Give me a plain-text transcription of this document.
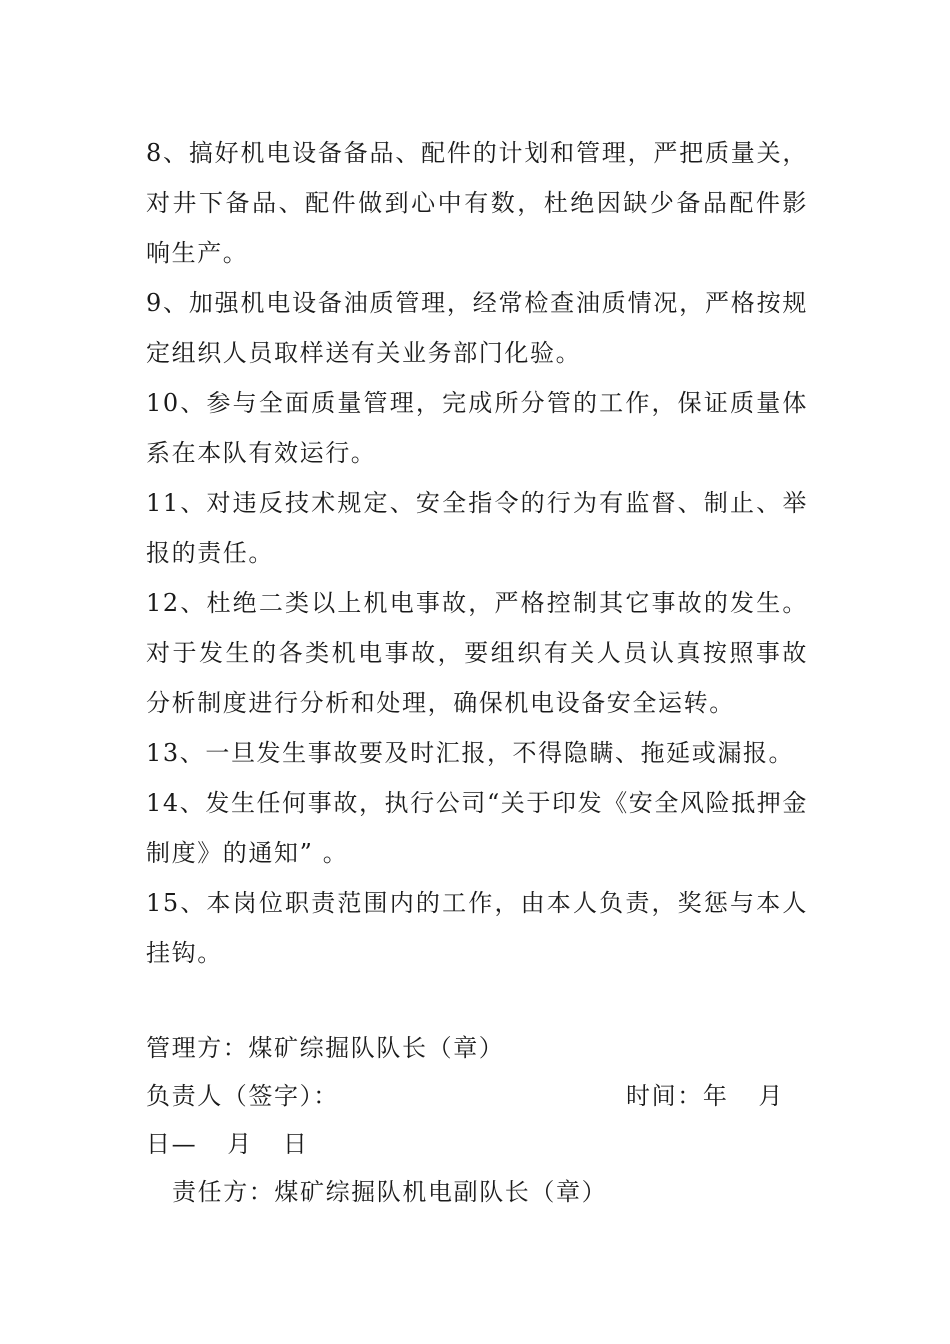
8、搞好机电设备备品、配件的计划和管理，严把质量关，对井下备品、配件做到心中有数，杜绝因缺少备品配件影响生产。

9、加强机电设备油质管理，经常检查油质情况，严格按规定组织人员取样送有关业务部门化验。

10、参与全面质量管理，完成所分管的工作，保证质量体系在本队有效运行。

11、对违反技术规定、安全指令的行为有监督、制止、举报的责任。

12、杜绝二类以上机电事故，严格控制其它事故的发生。对于发生的各类机电事故，要组织有关人员认真按照事故分析制度进行分析和处理，确保机电设备安全运转。

13、一旦发生事故要及时汇报，不得隐瞒、拖延或漏报。

14、发生任何事故，执行公司“关于印发《安全风险抵押金制度》的通知” 。

15、本岗位职责范围内的工作，由本人负责，奖惩与本人挂钩。

管理方：煤矿综掘队队长（章）

负责人（签字）：	时间：年 月

日— 月 日

责任方：煤矿综掘队机电副队长（章）
